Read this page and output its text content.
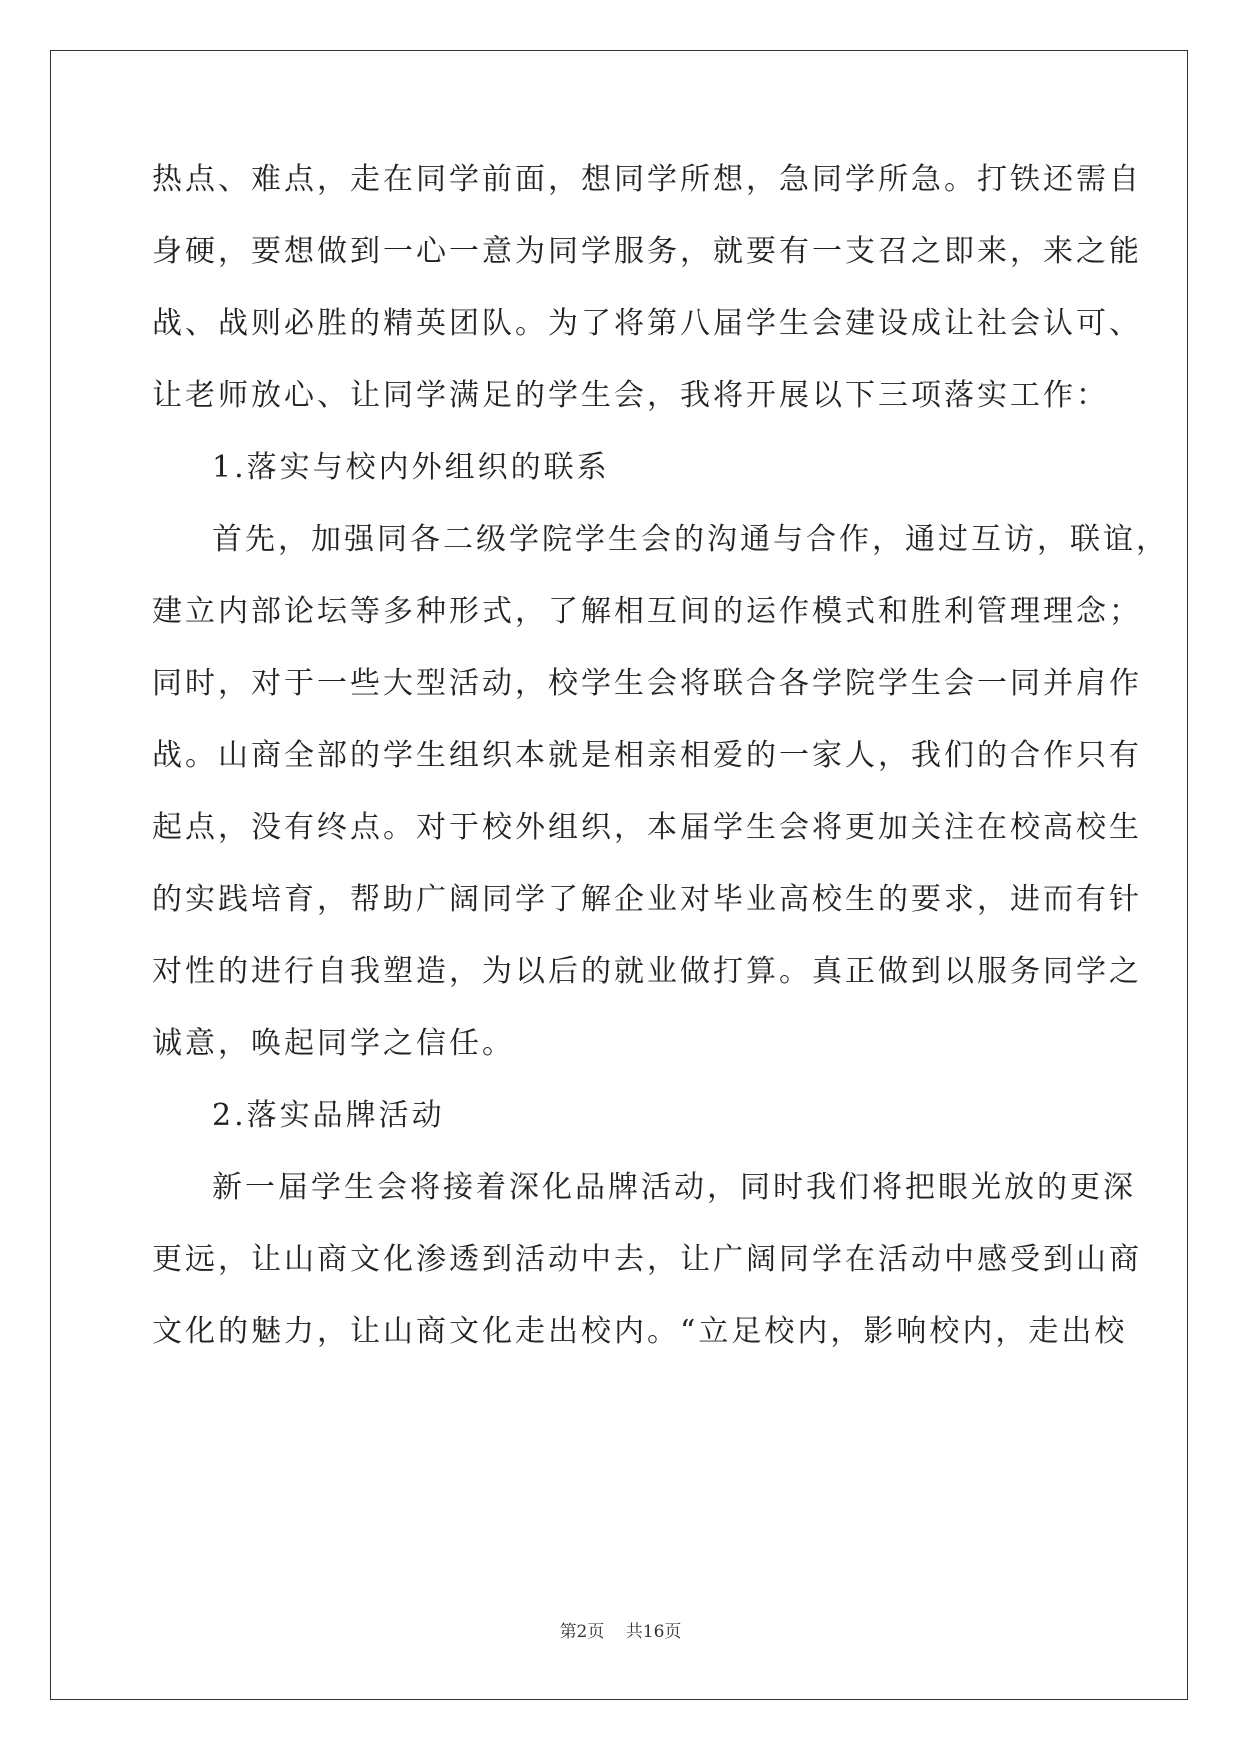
热点、难点，走在同学前面，想同学所想，急同学所急。打铁还需自
身硬，要想做到一心一意为同学服务，就要有一支召之即来，来之能
战、战则必胜的精英团队。为了将第八届学生会建设成让社会认可、
让老师放心、让同学满足的学生会，我将开展以下三项落实工作：
1.落实与校内外组织的联系
首先，加强同各二级学院学生会的沟通与合作，通过互访，联谊，
建立内部论坛等多种形式，了解相互间的运作模式和胜利管理理念；
同时，对于一些大型活动，校学生会将联合各学院学生会一同并肩作
战。山商全部的学生组织本就是相亲相爱的一家人，我们的合作只有
起点，没有终点。对于校外组织，本届学生会将更加关注在校高校生
的实践培育，帮助广阔同学了解企业对毕业高校生的要求，进而有针
对性的进行自我塑造，为以后的就业做打算。真正做到以服务同学之
诚意，唤起同学之信任。
2.落实品牌活动
新一届学生会将接着深化品牌活动，同时我们将把眼光放的更深
更远，让山商文化渗透到活动中去，让广阔同学在活动中感受到山商
文化的魅力，让山商文化走出校内。“立足校内，影响校内，走出校
第2页 共16页
